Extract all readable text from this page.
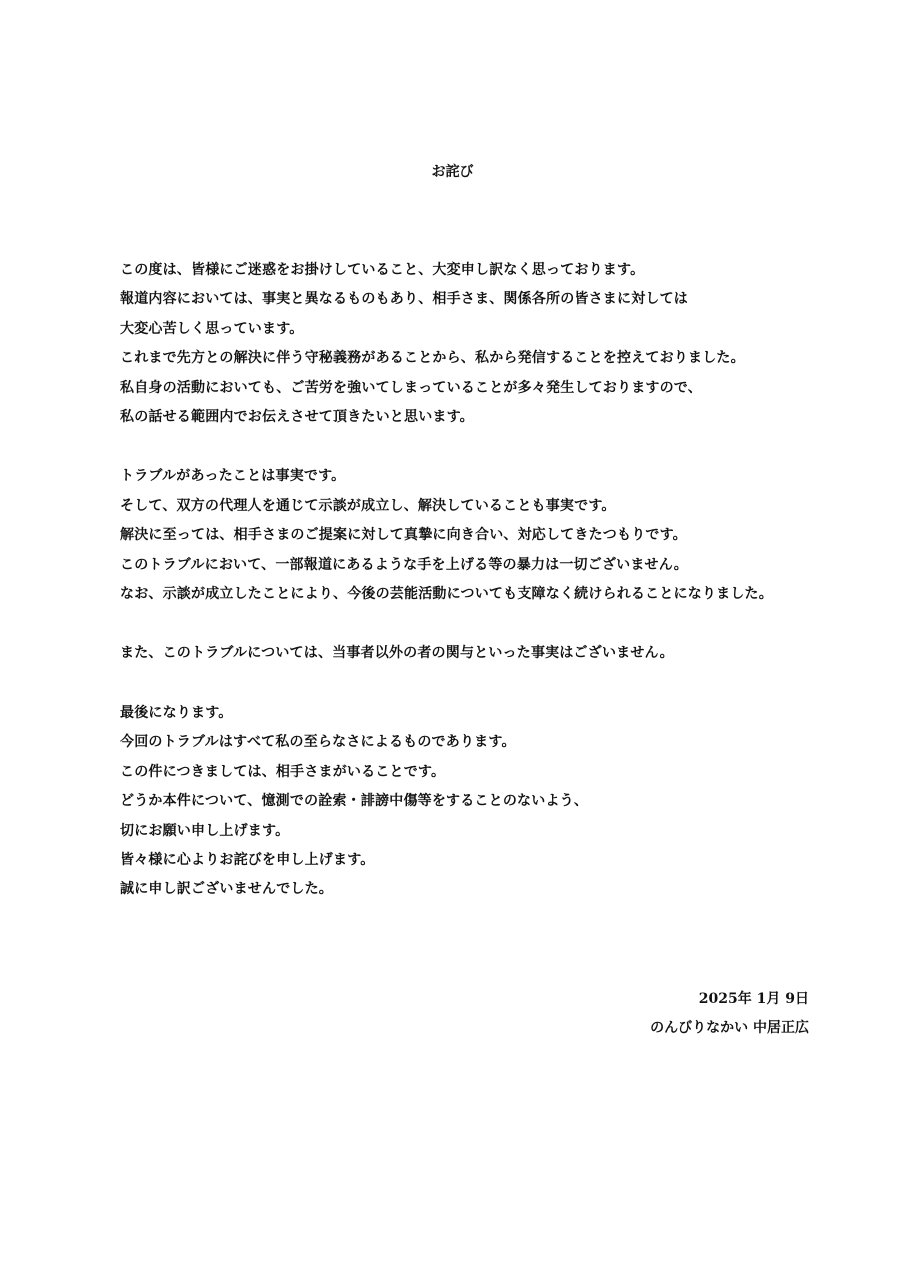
お詫び
この度は、皆様にご迷惑をお掛けしていること、大変申し訳なく思っております。
報道内容においては、事実と異なるものもあり、相手さま、関係各所の皆さまに対しては
大変心苦しく思っています。
これまで先方との解決に伴う守秘義務があることから、私から発信することを控えておりました。
私自身の活動においても、ご苦労を強いてしまっていることが多々発生しておりますので、
私の話せる範囲内でお伝えさせて頂きたいと思います。
トラブルがあったことは事実です。
そして、双方の代理人を通じて示談が成立し、解決していることも事実です。
解決に至っては、相手さまのご提案に対して真摯に向き合い、対応してきたつもりです。
このトラブルにおいて、一部報道にあるような手を上げる等の暴力は一切ございません。
なお、示談が成立したことにより、今後の芸能活動についても支障なく続けられることになりました。
また、このトラブルについては、当事者以外の者の関与といった事実はございません。
最後になります。
今回のトラブルはすべて私の至らなさによるものであります。
この件につきましては、相手さまがいることです。
どうか本件について、憶測での詮索・誹謗中傷等をすることのないよう、
切にお願い申し上げます。
皆々様に心よりお詫びを申し上げます。
誠に申し訳ございませんでした。
2025年 1月 9日
のんびりなかい 中居正広
